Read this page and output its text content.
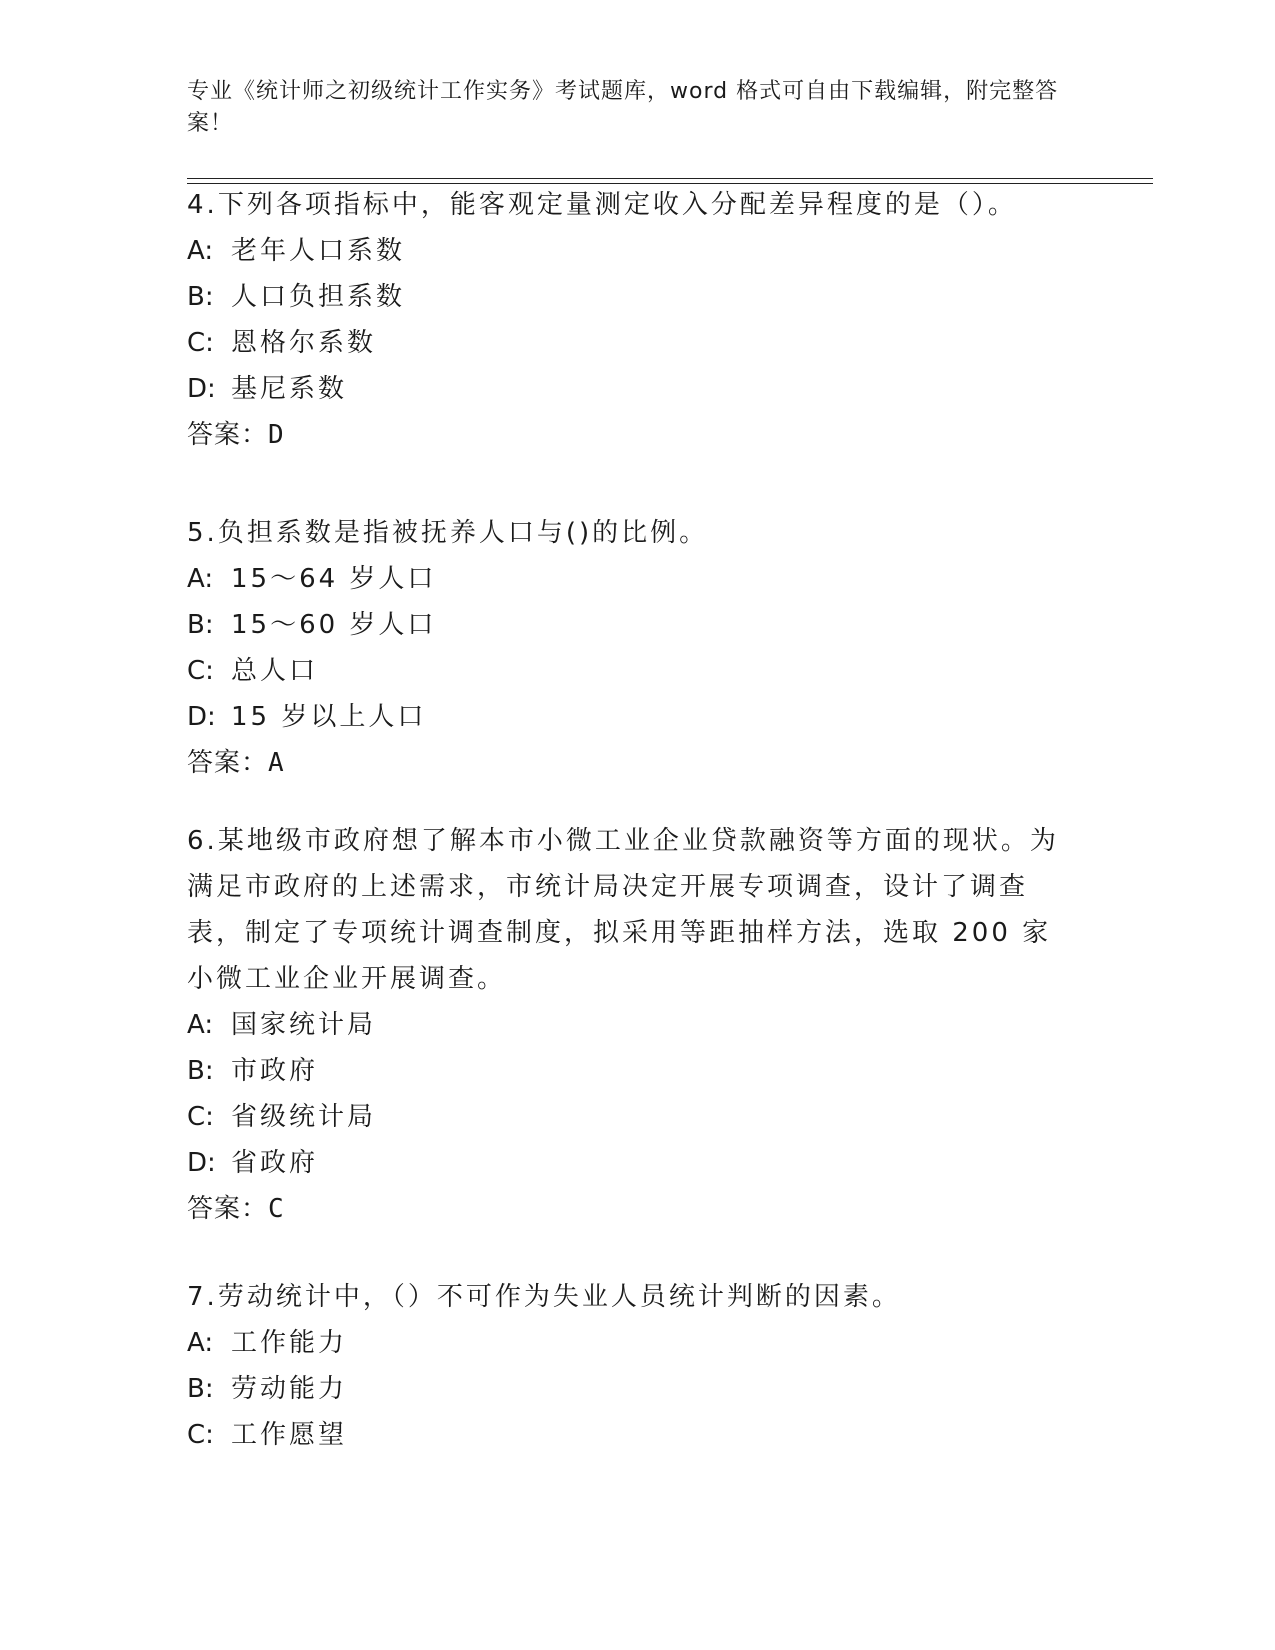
专业《统计师之初级统计工作实务》考试题库，word 格式可自由下载编辑，附完整答案！
4.下列各项指标中，能客观定量测定收入分配差异程度的是（）。
A: 老年人口系数
B: 人口负担系数
C: 恩格尔系数
D: 基尼系数
答案：D
5.负担系数是指被抚养人口与()的比例。
A: 15～64 岁人口
B: 15～60 岁人口
C: 总人口
D: 15 岁以上人口
答案：A
6.某地级市政府想了解本市小微工业企业贷款融资等方面的现状。为满足市政府的上述需求，市统计局决定开展专项调查，设计了调查表，制定了专项统计调查制度，拟采用等距抽样方法，选取 200 家小微工业企业开展调查。
A: 国家统计局
B: 市政府
C: 省级统计局
D: 省政府
答案：C
7.劳动统计中，（）不可作为失业人员统计判断的因素。
A: 工作能力
B: 劳动能力
C: 工作愿望
